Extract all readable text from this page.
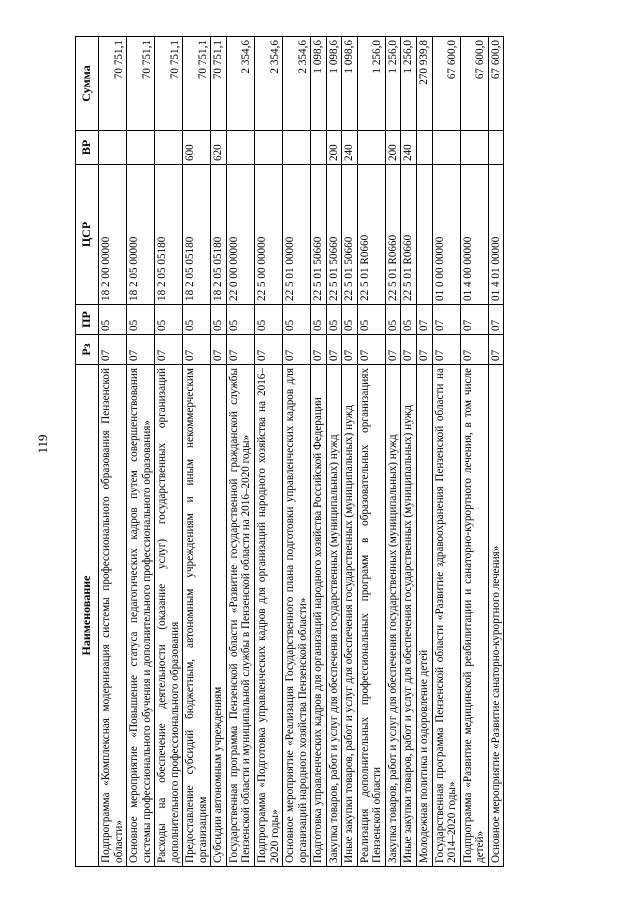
119
Наименование	Рз	ПР	ЦСР	ВР	Сумма
Подпрограмма «Комплексная модернизация системы профессионального образования Пензенской области»	07	05	18 2 00 00000		70 751,1
Основное мероприятие «Повышение статуса педагогических кадров путем совершенствования системы профессионального обучения и дополнительного профессионального образования»	07	05	18 2 05 00000		70 751,1
Расходы на обеспечение деятельности (оказание услуг) государственных организаций дополнительного профессионального образования	07	05	18 2 05 05180		70 751,1
Предоставление субсидий бюджетным, автономным учреждениям и иным некоммерческим организациям	07	05	18 2 05 05180	600	70 751,1
Субсидии автономным учреждениям	07	05	18 2 05 05180	620	70 751,1
Государственная программа Пензенской области «Развитие государственной гражданской службы Пензенской области и муниципальной службы в Пензенской области на 2016–2020 годы»	07	05	22 0 00 00000		2 354,6
Подпрограмма «Подготовка управленческих кадров для организаций народного хозяйства на 2016–2020 годы»	07	05	22 5 00 00000		2 354,6
Основное мероприятие «Реализация Государственного плана подготовки управленческих кадров для организаций народного хозяйства Пензенской области»	07	05	22 5 01 00000		2 354,6
Подготовка управленческих кадров для организаций народного хозяйства Российской Федерации	07	05	22 5 01 50660		1 098,6
Закупка товаров, работ и услуг для обеспечения государственных (муниципальных) нужд	07	05	22 5 01 50660	200	1 098,6
Иные закупки товаров, работ и услуг для обеспечения государственных (муниципальных) нужд	07	05	22 5 01 50660	240	1 098,6
Реализация дополнительных профессиональных программ в образовательных организациях Пензенской области	07	05	22 5 01 R0660		1 256,0
Закупка товаров, работ и услуг для обеспечения государственных (муниципальных) нужд	07	05	22 5 01 R0660	200	1 256,0
Иные закупки товаров, работ и услуг для обеспечения государственных (муниципальных) нужд	07	05	22 5 01 R0660	240	1 256,0
Молодежная политика и оздоровление детей	07	07			270 939,8
Государственная программа Пензенской области «Развитие здравоохранения Пензенской области на 2014–2020 годы»	07	07	01 0 00 00000		67 600,0
Подпрограмма «Развитие медицинской реабилитации и санаторно-курортного лечения, в том числе детей»	07	07	01 4 00 00000		67 600,0
Основное мероприятие «Развитие санаторно-курортного лечения»	07	07	01 4 01 00000		67 600,0
